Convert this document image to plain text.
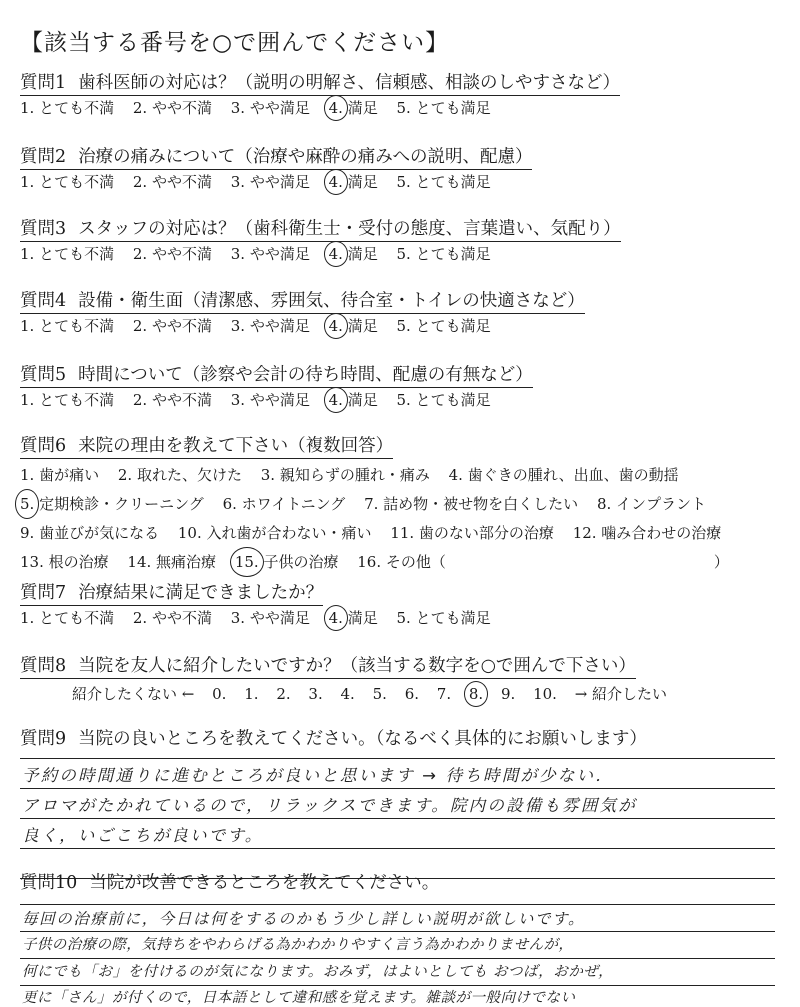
【該当する番号を○で囲んでください】
質問1 歯科医師の対応は？（説明の明解さ、信頼感、相談のしやすさなど）
1. とても不満 2. やや不満 3. やや満足 4. 満足 5. とても満足
質問2 治療の痛みについて（治療や麻酔の痛みへの説明、配慮）
1. とても不満 2. やや不満 3. やや満足 4. 満足 5. とても満足
質問3 スタッフの対応は？（歯科衛生士・受付の態度、言葉遣い、気配り）
1. とても不満 2. やや不満 3. やや満足 4. 満足 5. とても満足
質問4 設備・衛生面（清潔感、雰囲気、待合室・トイレの快適さなど）
1. とても不満 2. やや不満 3. やや満足 4. 満足 5. とても満足
質問5 時間について（診察や会計の待ち時間、配慮の有無など）
1. とても不満 2. やや不満 3. やや満足 4. 満足 5. とても満足
質問6 来院の理由を教えて下さい（複数回答）
1. 歯が痛い 2. 取れた、欠けた 3. 親知らずの腫れ・痛み 4. 歯ぐきの腫れ、出血、歯の動揺
5. 定期検診・クリーニング 6. ホワイトニング 7. 詰め物・被せ物を白くしたい 8. インプラント
9. 歯並びが気になる 10. 入れ歯が合わない・痛い 11. 歯のない部分の治療 12. 噛み合わせの治療
13. 根の治療 14. 無痛治療 15. 子供の治療 16. その他（	）
質問7 治療結果に満足できましたか？
1. とても不満 2. やや不満 3. やや満足 4. 満足 5. とても満足
質問8 当院を友人に紹介したいですか？（該当する数字を○で囲んで下さい）
紹介したくない ← 0. 1. 2. 3. 4. 5. 6. 7. 8. 9. 10. → 紹介したい
質問9 当院の良いところを教えてください。（なるべく具体的にお願いします）
予約の時間通りに進むところが良いと思います → 待ち時間が少ない．
アロマがたかれているので，リラックスできます。院内の設備も雰囲気が
良く，いごこちが良いです。
質問10 当院が改善できるところを教えてください。
毎回の治療前に，今日は何をするのかもう少し詳しい説明が欲しいです。
子供の治療の際，気持ちをやわらげる為かわかりやすく言う為かわかりませんが，
何にでも「お」を付けるのが気になります。おみず，はよいとしても おつば，おかぜ，
更に「さん」が付くので，日本語として違和感を覚えます。雑談が一般向けでない
